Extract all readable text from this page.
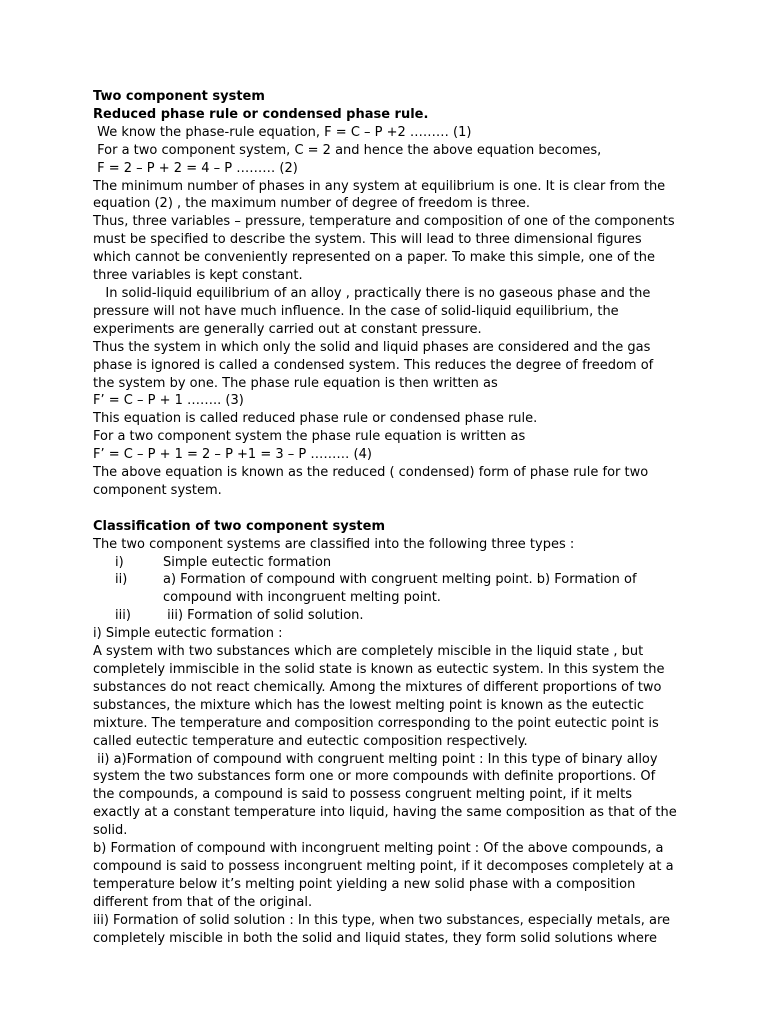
Two component system

Reduced phase rule or condensed phase rule.

We know the phase-rule equation, F = C – P +2 ……… (1)

For a two component system, C = 2 and hence the above equation becomes,

F = 2 – P + 2 = 4 – P ……… (2)

The minimum number of phases in any system at equilibrium is one. It is clear from the equation (2) , the maximum number of degree of freedom is three.

Thus, three variables – pressure, temperature and composition of one of the components must be specified to describe the system. This will lead to three dimensional figures which cannot be conveniently represented on a paper. To make this simple, one of the three variables is kept constant.

In solid-liquid equilibrium of an alloy , practically there is no gaseous phase and the pressure will not have much influence. In the case of solid-liquid equilibrium, the experiments are generally carried out at constant pressure.

Thus the system in which only the solid and liquid phases are considered and the gas phase is ignored is called a condensed system. This reduces the degree of freedom of the system by one. The phase rule equation is then written as

F’ = C – P + 1 …….. (3)

This equation is called reduced phase rule or condensed phase rule.

For a two component system the phase rule equation is written as

F’ = C – P + 1 = 2 – P +1 = 3 – P ……… (4)

The above equation is known as the reduced ( condensed) form of phase rule for two component system.

Classification of two component system

The two component systems are classified into the following three types :

i)	Simple eutectic formation
ii)	a) Formation of compound with congruent melting point. b) Formation of compound with incongruent melting point.
iii)	iii) Formation of solid solution.

i) Simple eutectic formation :

A system with two substances which are completely miscible in the liquid state , but completely immiscible in the solid state is known as eutectic system. In this system the substances do not react chemically. Among the mixtures of different proportions of two substances, the mixture which has the lowest melting point is known as the eutectic mixture. The temperature and composition corresponding to the point eutectic point is called eutectic temperature and eutectic composition respectively.

ii) a)Formation of compound with congruent melting point : In this type of binary alloy system the two substances form one or more compounds with definite proportions. Of the compounds, a compound is said to possess congruent melting point, if it melts exactly at a constant temperature into liquid, having the same composition as that of the solid.

b) Formation of compound with incongruent melting point : Of the above compounds, a compound is said to possess incongruent melting point, if it decomposes completely at a temperature below it’s melting point yielding a new solid phase with a composition different from that of the original.

iii) Formation of solid solution : In this type, when two substances, especially metals, are completely miscible in both the solid and liquid states, they form solid solutions where
